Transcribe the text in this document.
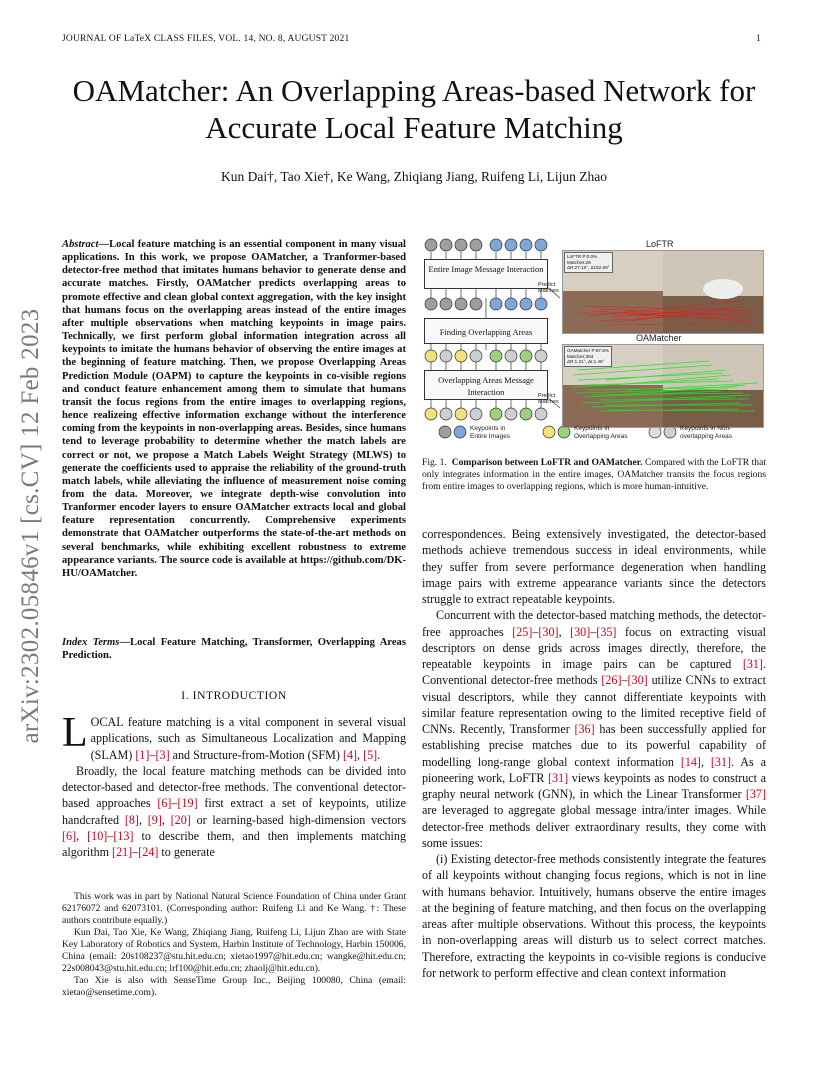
JOURNAL OF LaTeX CLASS FILES, VOL. 14, NO. 8, AUGUST 2021	1
OAMatcher: An Overlapping Areas-based Network for Accurate Local Feature Matching
Kun Dai†, Tao Xie†, Ke Wang, Zhiqiang Jiang, Ruifeng Li, Lijun Zhao
arXiv:2302.05846v1 [cs.CV] 12 Feb 2023
Abstract—Local feature matching is an essential component in many visual applications. In this work, we propose OAMatcher, a Tranformer-based detector-free method that imitates humans behavior to generate dense and accurate matches. Firstly, OAMatcher predicts overlapping areas to promote effective and clean global context aggregation, with the key insight that humans focus on the overlapping areas instead of the entire images after multiple observations when matching keypoints in image pairs. Technically, we first perform global information integration across all keypoints to imitate the humans behavior of observing the entire images at the beginning of feature matching. Then, we propose Overlapping Areas Prediction Module (OAPM) to capture the keypoints in co-visible regions and conduct feature enhancement among them to simulate that humans transit the focus regions from the entire images to overlapping regions, hence realizeing effective information exchange without the interference coming from the keypoints in non-overlapping areas. Besides, since humans tend to leverage probability to determine whether the match labels are correct or not, we propose a Match Labels Weight Strategy (MLWS) to generate the coefficients used to appraise the reliability of the ground-truth match labels, while alleviating the influence of measurement noise coming from the data. Moreover, we integrate depth-wise convolution into Tranformer encoder layers to ensure OAMatcher extracts local and global feature representation concurrently. Comprehensive experiments demonstrate that OAMatcher outperforms the state-of-the-art methods on several benchmarks, while exhibiting excellent robustness to extreme appearance variants. The source code is available at https://github.com/DK-HU/OAMatcher.
Index Terms—Local Feature Matching, Transformer, Overlapping Areas Prediction.
I. INTRODUCTION

LOCAL feature matching is a vital component in several visual applications, such as Simultaneous Localization and Mapping (SLAM) [1]–[3] and Structure-from-Motion (SFM) [4], [5].

Broadly, the local feature matching methods can be divided into detector-based and detector-free methods. The conventional detector-based approaches [6]–[19] first extract a set of keypoints, utilize handcrafted [8], [9], [20] or learning-based high-dimension vectors [6], [10]–[13] to describe them, and then implements matching algorithm [21]–[24] to generate

This work was in part by National Natural Science Foundation of China under Grant 62176072 and 62073101. (Corresponding author: Ruifeng Li and Ke Wang. †: These authors contribute equally.)

Kun Dai, Tao Xie, Ke Wang, Zhiqiang Jiang, Ruifeng Li, Lijun Zhao are with State Key Laboratory of Robotics and System, Harbin Institute of Technology, Harbin 150006, China (email: 20s108237@stu.hit.edu.cn; xietao1997@hit.edu.cn; wangke@hit.edu.cn; 22s008043@stu.hit.edu.cn; lrf100@hit.edu.cn; zhaolj@hit.edu.cn).

Tao Xie is also with SenseTime Group Inc., Beijing 100080, China (email: xietao@sensetime.com).

Entire Image Message Interaction
Finding Overlapping Areas
Overlapping Areas Message Interaction
Predict Matches
Predict Matches
LoFTR
OAMatcher
LoFTR P:0.0%
Matches:26
ΔR:27.16°, Δt:82.69°
OAMatcher P:97.5%
Matches:354
ΔR:1.21°, Δt:1.46°
Keypoints in Entire Images
Keypoints in Overlapping Areas
Keypoints in Non-overlapping Areas
Fig. 1. Comparison between LoFTR and OAMatcher. Compared with the LoFTR that only integrates information in the entire images, OAMatcher transits the focus regions from entire images to overlapping regions, which is more human-intuitive.

correspondences. Being extensively investigated, the detector-based methods achieve tremendous success in ideal environments, while they suffer from severe performance degeneration when handling image pairs with extreme appearance variants since the detectors struggle to extract repeatable keypoints.

Concurrent with the detector-based matching methods, the detector-free approaches [25]–[30], [30]–[35] focus on extracting visual descriptors on dense grids across images directly, therefore, the repeatable keypoints in image pairs can be captured [31]. Conventional detector-free methods [26]–[30] utilize CNNs to extract visual descriptors, while they cannot differentiate keypoints with similar feature representation owing to the limited receptive field of CNNs. Recently, Transformer [36] has been successfully applied for establishing precise matches due to its powerful capability of modelling long-range global context information [14], [31]. As a pioneering work, LoFTR [31] views keypoints as nodes to construct a graphy neural network (GNN), in which the Linear Transformer [37] are leveraged to aggregate global message intra/inter images. While detector-free methods deliver extraordinary results, they come with some issues:

(i) Existing detector-free methods consistently integrate the features of all keypoints without changing focus regions, which is not in line with humans behavior. Intuitively, humans observe the entire images at the begining of feature matching, and then focus on the overlapping areas after multiple observations. Without this process, the keypoints in non-overlapping areas will disturb us to select correct matches. Therefore, extracting the keypoints in co-visible regions is conducive for network to perform effective and clean context information
